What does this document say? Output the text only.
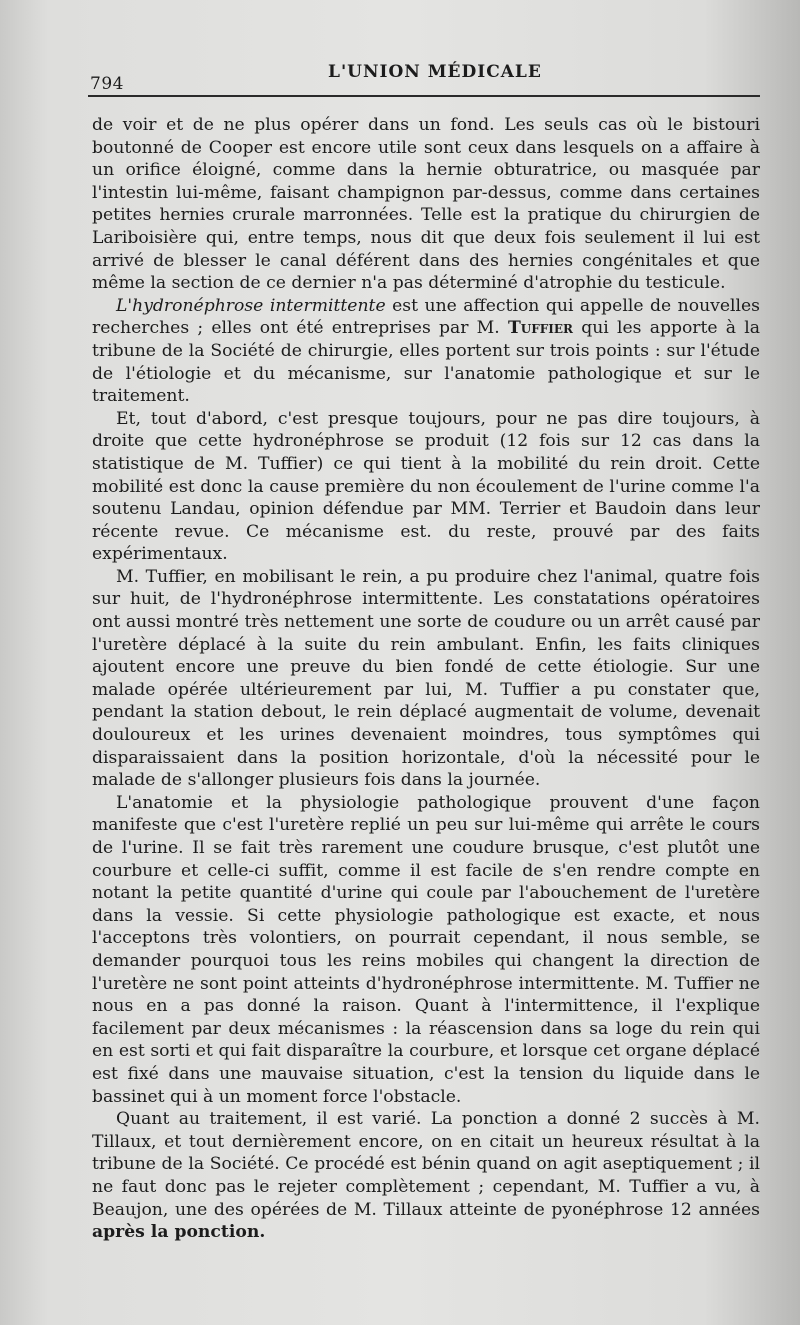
794
L'UNION MÉDICALE

de voir et de ne plus opérer dans un fond. Les seuls cas où le bistouri boutonné de Cooper est encore utile sont ceux dans lesquels on a affaire à un orifice éloigné, comme dans la hernie obturatrice, ou masquée par l'intestin lui-même, faisant champignon par-dessus, comme dans certaines petites hernies crurale marronnées. Telle est la pratique du chirurgien de Lariboisière qui, entre temps, nous dit que deux fois seulement il lui est arrivé de blesser le canal déférent dans des hernies congénitales et que même la section de ce dernier n'a pas déterminé d'atrophie du testicule.

L'hydronéphrose intermittente est une affection qui appelle de nouvelles recherches ; elles ont été entreprises par M. Tuffier qui les apporte à la tribune de la Société de chirurgie, elles portent sur trois points : sur l'étude de l'étiologie et du mécanisme, sur l'anatomie pathologique et sur le traitement.

Et, tout d'abord, c'est presque toujours, pour ne pas dire toujours, à droite que cette hydronéphrose se produit (12 fois sur 12 cas dans la statistique de M. Tuffier) ce qui tient à la mobilité du rein droit. Cette mobilité est donc la cause première du non écoulement de l'urine comme l'a soutenu Landau, opinion défendue par MM. Terrier et Baudoin dans leur récente revue. Ce mécanisme est. du reste, prouvé par des faits expérimentaux.

M. Tuffier, en mobilisant le rein, a pu produire chez l'animal, quatre fois sur huit, de l'hydronéphrose intermittente. Les constatations opératoires ont aussi montré très nettement une sorte de coudure ou un arrêt causé par l'uretère déplacé à la suite du rein ambulant. Enfin, les faits cliniques ajoutent encore une preuve du bien fondé de cette étiologie. Sur une malade opérée ultérieurement par lui, M. Tuffier a pu constater que, pendant la station debout, le rein déplacé augmentait de volume, devenait douloureux et les urines devenaient moindres, tous symptômes qui disparaissaient dans la position horizontale, d'où la nécessité pour le malade de s'allonger plusieurs fois dans la journée.

L'anatomie et la physiologie pathologique prouvent d'une façon manifeste que c'est l'uretère replié un peu sur lui-même qui arrête le cours de l'urine. Il se fait très rarement une coudure brusque, c'est plutôt une courbure et celle-ci suffit, comme il est facile de s'en rendre compte en notant la petite quantité d'urine qui coule par l'abouchement de l'uretère dans la vessie. Si cette physiologie pathologique est exacte, et nous l'acceptons très volontiers, on pourrait cependant, il nous semble, se demander pourquoi tous les reins mobiles qui changent la direction de l'uretère ne sont point atteints d'hydronéphrose intermittente. M. Tuffier ne nous en a pas donné la raison. Quant à l'intermittence, il l'explique facilement par deux mécanismes : la réascension dans sa loge du rein qui en est sorti et qui fait disparaître la courbure, et lorsque cet organe déplacé est fixé dans une mauvaise situation, c'est la tension du liquide dans le bassinet qui à un moment force l'obstacle.

Quant au traitement, il est varié. La ponction a donné 2 succès à M. Tillaux, et tout dernièrement encore, on en citait un heureux résultat à la tribune de la Société. Ce procédé est bénin quand on agit aseptiquement ; il ne faut donc pas le rejeter complètement ; cependant, M. Tuffier a vu, à Beaujon, une des opérées de M. Tillaux atteinte de pyonéphrose 12 années après la ponction.
